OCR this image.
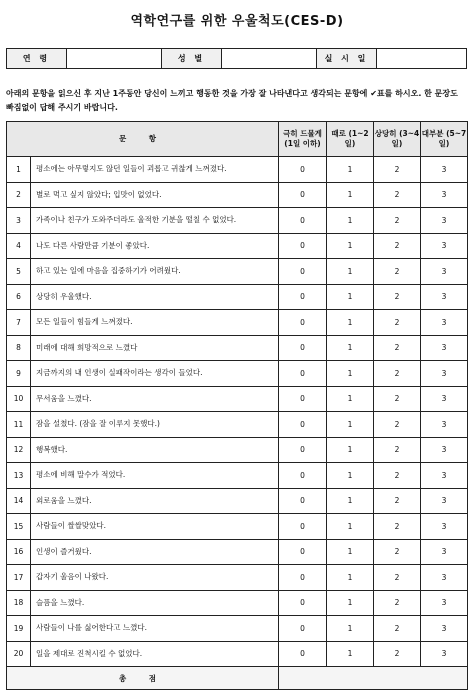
역학연구를 위한 우울척도(CES-D)
연 령		성 별		실 시 일	
아래의 문항을 읽으신 후 지난 1주동안 당신이 느끼고 행동한 것을 가장 잘 나타낸다고 생각되는 문항에 ✔표를 하시오. 한 문장도 빠짐없이 답해 주시기 바랍니다.
문 항		극히 드물게 (1일 이하)	때로 (1~2일)	상당히 (3~4일)	대부분 (5~7일)
1	평소에는 아무렇지도 않던 일들이 괴롭고 귀찮게 느껴졌다.	0	1	2	3
2	별로 먹고 싶지 않았다; 입맛이 없었다.	0	1	2	3
3	가족이나 친구가 도와주더라도 울적한 기분을 떨칠 수 없었다.	0	1	2	3
4	나도 다른 사람만큼 기분이 좋았다.	0	1	2	3
5	하고 있는 일에 마음을 집중하기가 어려웠다.	0	1	2	3
6	상당히 우울했다.	0	1	2	3
7	모든 일들이 힘들게 느껴졌다.	0	1	2	3
8	미래에 대해 희망적으로 느꼈다	0	1	2	3
9	지금까지의 내 인생이 실패작이라는 생각이 들었다.	0	1	2	3
10	무서움을 느꼈다.	0	1	2	3
11	잠을 설쳤다. (잠을 잘 이루지 못했다.)	0	1	2	3
12	행복했다.	0	1	2	3
13	평소에 비해 말수가 적었다.	0	1	2	3
14	외로움을 느꼈다.	0	1	2	3
15	사람들이 쌀쌀맞았다.	0	1	2	3
16	인생이 즐거웠다.	0	1	2	3
17	갑자기 울음이 나왔다.	0	1	2	3
18	슬픔을 느꼈다.	0	1	2	3
19	사람들이 나를 싫어한다고 느꼈다.	0	1	2	3
20	일을 제대로 진척시킬 수 없었다.	0	1	2	3
총 점					
